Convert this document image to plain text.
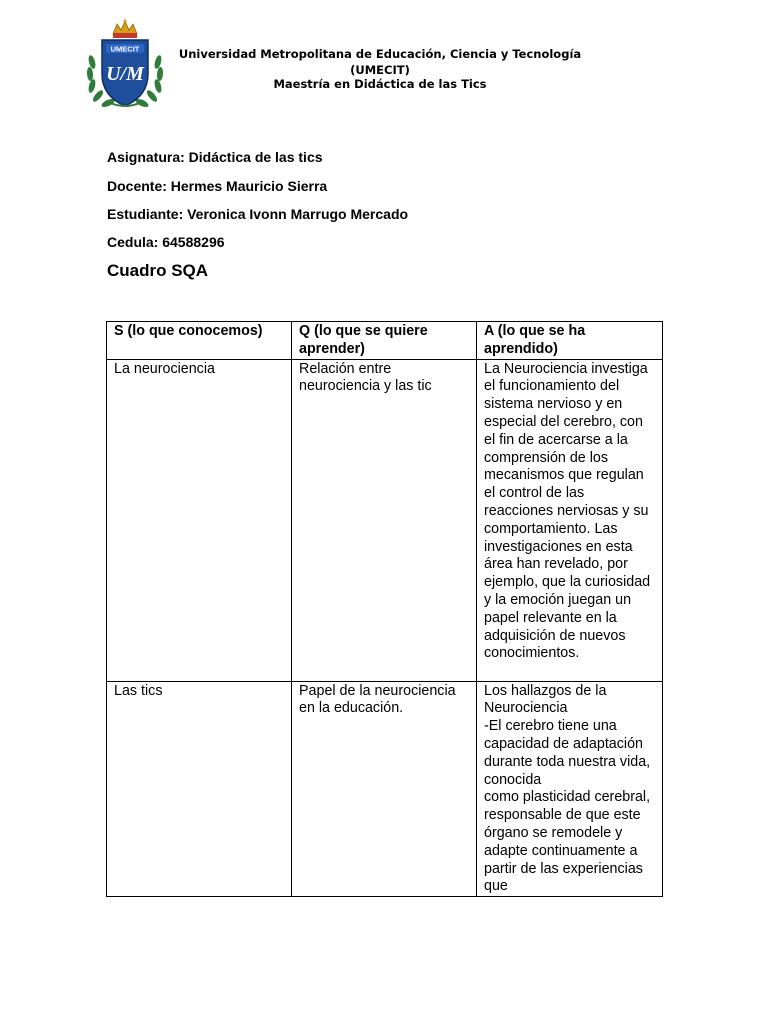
UMECIT
U/M
Universidad Metropolitana de Educación, Ciencia y Tecnología (UMECIT)
Maestría en Didáctica de las Tics
Asignatura: Didáctica de las tics
Docente: Hermes Mauricio Sierra
Estudiante: Veronica Ivonn Marrugo Mercado
Cedula: 64588296
Cuadro SQA
S (lo que conocemos)	Q (lo que se quiere aprender)	A (lo que se ha aprendido)
La neurociencia	Relación entre neurociencia y las tic	La Neurociencia investiga el funcionamiento del sistema nervioso y en especial del cerebro, con el fin de acercarse a la comprensión de los mecanismos que regulan el control de las reacciones nerviosas y su comportamiento. Las investigaciones en esta área han revelado, por ejemplo, que la curiosidad y la emoción juegan un papel relevante en la adquisición de nuevos conocimientos.
Las tics	Papel de la neurociencia en la educación.	Los hallazgos de la Neurociencia
-El cerebro tiene una capacidad de adaptación durante toda nuestra vida, conocida
como plasticidad cerebral, responsable de que este órgano se remodele y adapte continuamente a partir de las experiencias que
